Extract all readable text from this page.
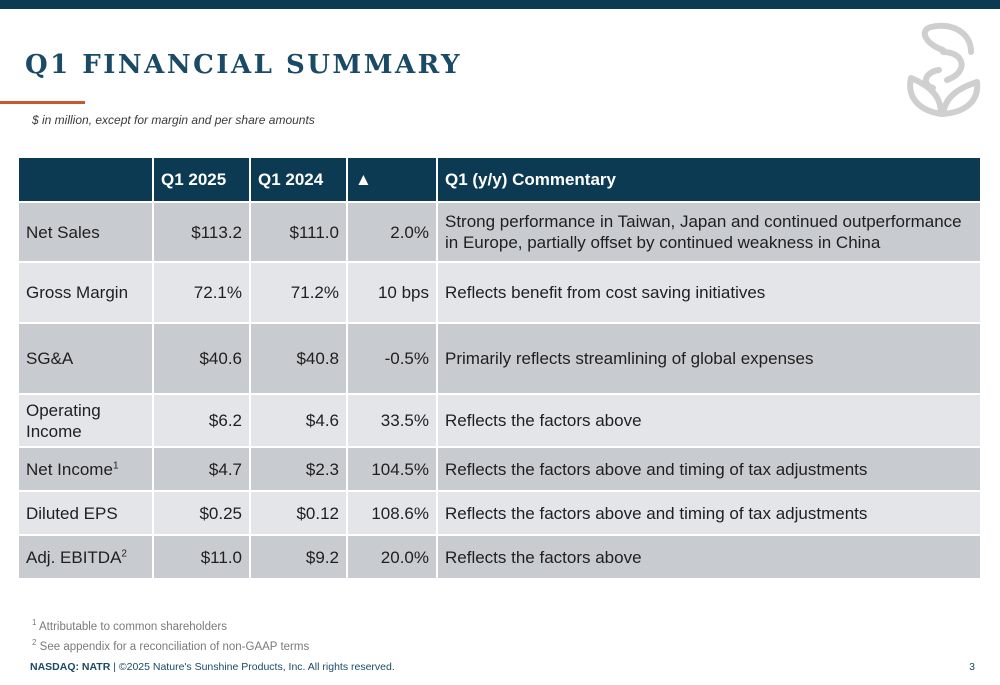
Q1 FINANCIAL SUMMARY
$ in million, except for margin and per share amounts
	Q1 2025	Q1 2024	▲	Q1 (y/y) Commentary
Net Sales	$113.2	$111.0	2.0%	Strong performance in Taiwan, Japan and continued outperformance in Europe, partially offset by continued weakness in China
Gross Margin	72.1%	71.2%	10 bps	Reflects benefit from cost saving initiatives
SG&A	$40.6	$40.8	-0.5%	Primarily reflects streamlining of global expenses
Operating Income	$6.2	$4.6	33.5%	Reflects the factors above
Net Income$^1$	$4.7	$2.3	104.5%	Reflects the factors above and timing of tax adjustments
Diluted EPS	$0.25	$0.12	108.6%	Reflects the factors above and timing of tax adjustments
Adj. EBITDA$^2$	$11.0	$9.2	20.0%	Reflects the factors above
$^1$ Attributable to common shareholders
$^2$ See appendix for a reconciliation of non-GAAP terms
NASDAQ: NATR | ©2025 Nature's Sunshine Products, Inc. All rights reserved.	3
